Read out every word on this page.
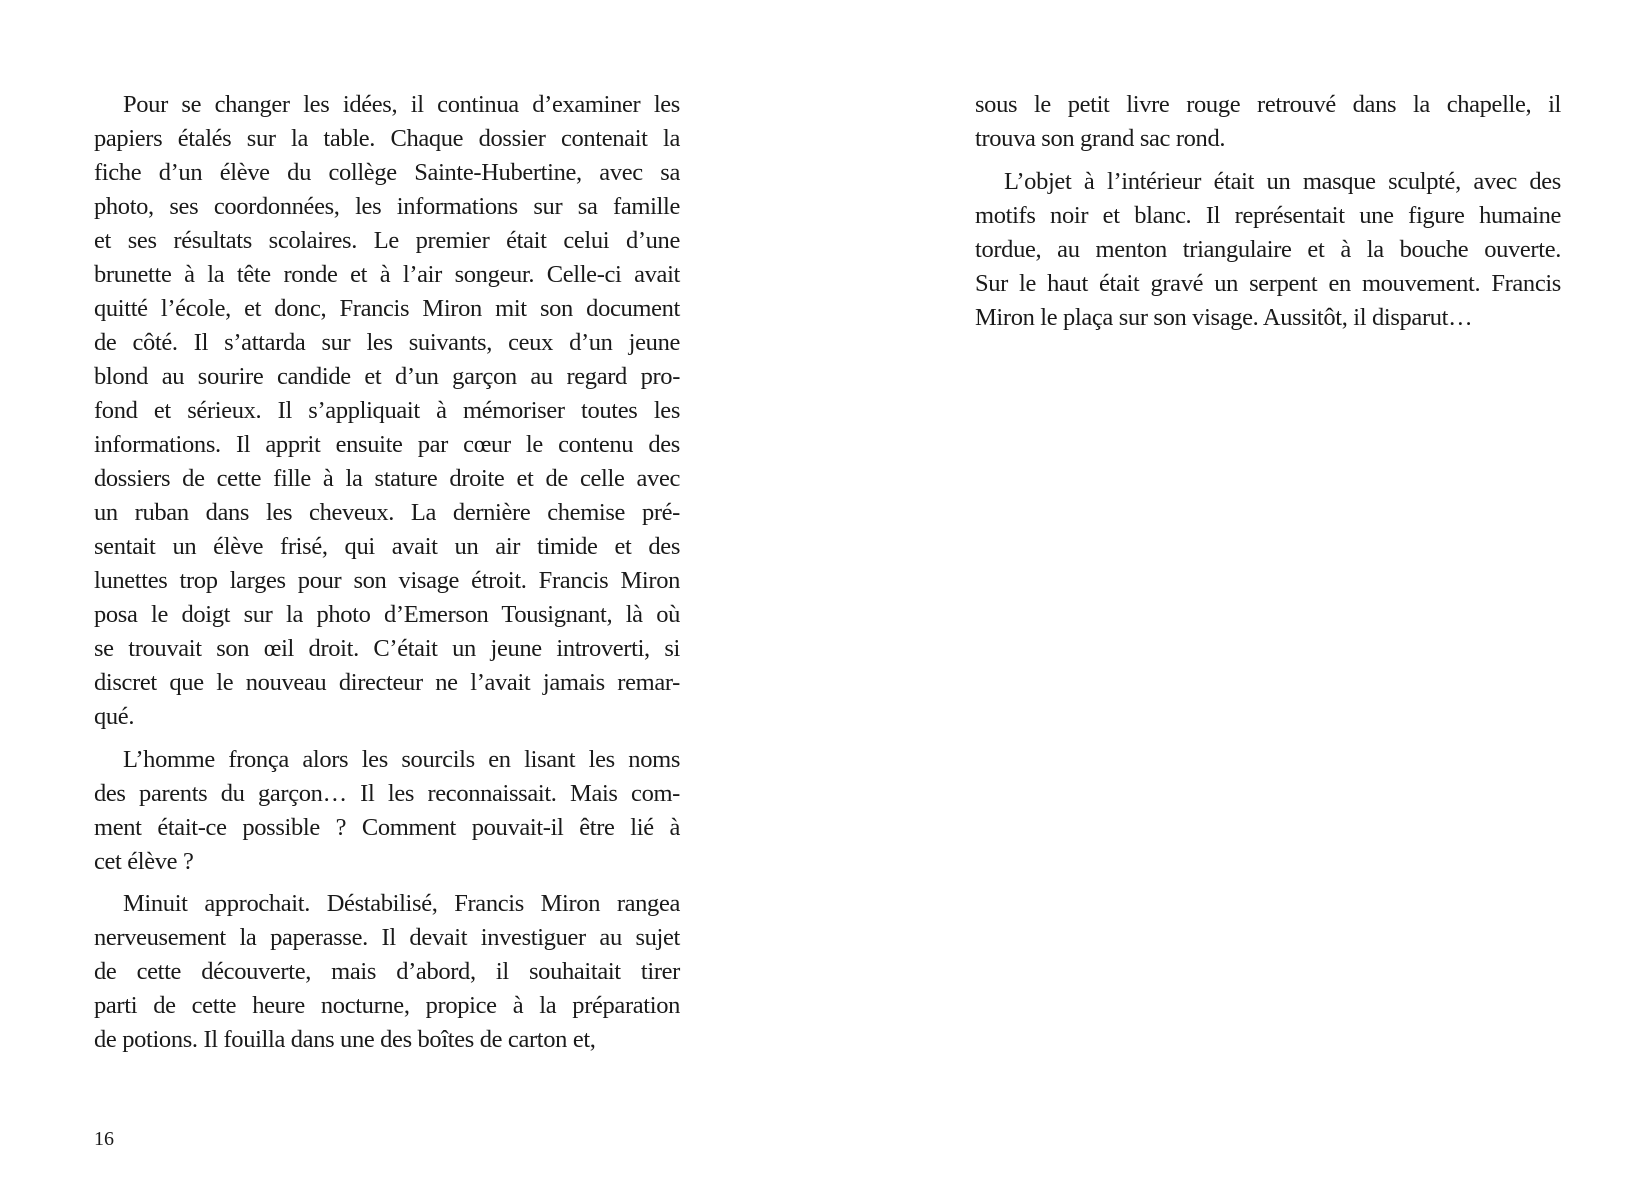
Pour se changer les idées, il continua d’examiner les
papiers étalés sur la table. Chaque dossier contenait la
fiche d’un élève du collège Sainte-Hubertine, avec sa
photo, ses coordonnées, les informations sur sa famille
et ses résultats scolaires. Le premier était celui d’une
brunette à la tête ronde et à l’air songeur. Celle-ci avait
quitté l’école, et donc, Francis Miron mit son document
de côté. Il s’attarda sur les suivants, ceux d’un jeune
blond au sourire candide et d’un garçon au regard pro-
fond et sérieux. Il s’appliquait à mémoriser toutes les
informations. Il apprit ensuite par cœur le contenu des
dossiers de cette fille à la stature droite et de celle avec
un ruban dans les cheveux. La dernière chemise pré-
sentait un élève frisé, qui avait un air timide et des
lunettes trop larges pour son visage étroit. Francis Miron
posa le doigt sur la photo d’Emerson Tousignant, là où
se trouvait son œil droit. C’était un jeune introverti, si
discret que le nouveau directeur ne l’avait jamais remar-
qué.
L’homme fronça alors les sourcils en lisant les noms
des parents du garçon… Il les reconnaissait. Mais com-
ment était-ce possible ? Comment pouvait-il être lié à
cet élève ?
Minuit approchait. Déstabilisé, Francis Miron rangea
nerveusement la paperasse. Il devait investiguer au sujet
de cette découverte, mais d’abord, il souhaitait tirer
parti de cette heure nocturne, propice à la préparation
de potions. Il fouilla dans une des boîtes de carton et,
16
sous le petit livre rouge retrouvé dans la chapelle, il
trouva son grand sac rond.
L’objet à l’intérieur était un masque sculpté, avec des
motifs noir et blanc. Il représentait une figure humaine
tordue, au menton triangulaire et à la bouche ouverte.
Sur le haut était gravé un serpent en mouvement. Francis
Miron le plaça sur son visage. Aussitôt, il disparut…
